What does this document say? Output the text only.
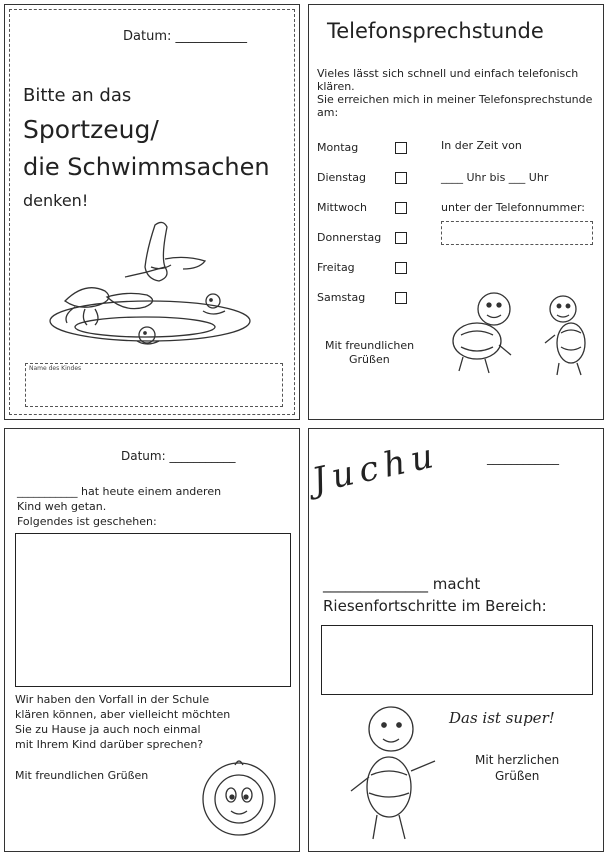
Datum: ___________
Bitte an das
Sportzeug/
die Schwimmsachen
denken!
Name des Kindes
Telefonsprechstunde
Vieles lässt sich schnell und einfach telefonisch
klären.
Sie erreichen mich in meiner Telefonsprechstunde
am:
Montag
Dienstag
Mittwoch
Donnerstag
Freitag
Samstag
In der Zeit von
____ Uhr bis ___ Uhr
unter der Telefonnummer:
Mit freundlichen
Grüßen
Datum: ___________
___________ hat heute einem anderen
Kind weh getan.
Folgendes ist geschehen:
Wir haben den Vorfall in der Schule
klären können, aber vielleicht möchten
Sie zu Hause ja auch noch einmal
mit Ihrem Kind darüber sprechen?
Mit freundlichen Grüßen
Juchu	____________
______________ macht
Riesenfortschritte im Bereich:
Das ist super!
Mit herzlichen
Grüßen
